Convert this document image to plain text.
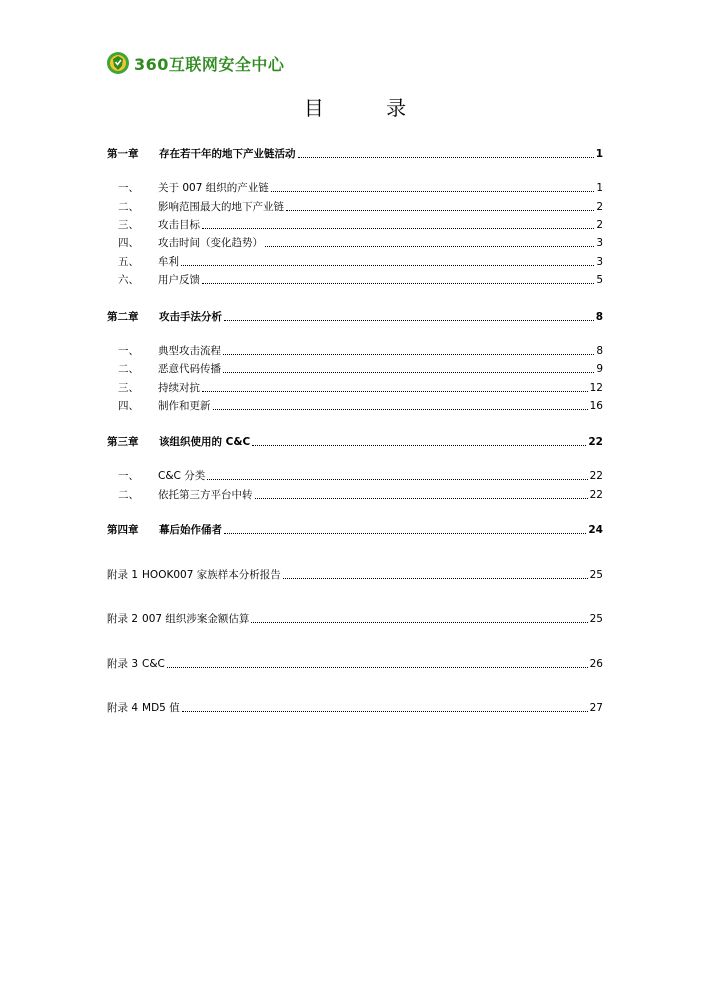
360互联网安全中心
目 录
第一章	存在若干年的地下产业链活动	1
一、	关于 007 组织的产业链	1
二、	影响范围最大的地下产业链	2
三、	攻击目标	2
四、	攻击时间（变化趋势）	3
五、	牟利	3
六、	用户反馈	5
第二章	攻击手法分析	8
一、	典型攻击流程	8
二、	恶意代码传播	9
三、	持续对抗	12
四、	制作和更新	16
第三章	该组织使用的 C&C	22
一、	C&C 分类	22
二、	依托第三方平台中转	22
第四章	幕后始作俑者	24
附录 1 HOOK007 家族样本分析报告	25
附录 2 007 组织涉案金额估算	25
附录 3 C&C	26
附录 4 MD5 值	27
